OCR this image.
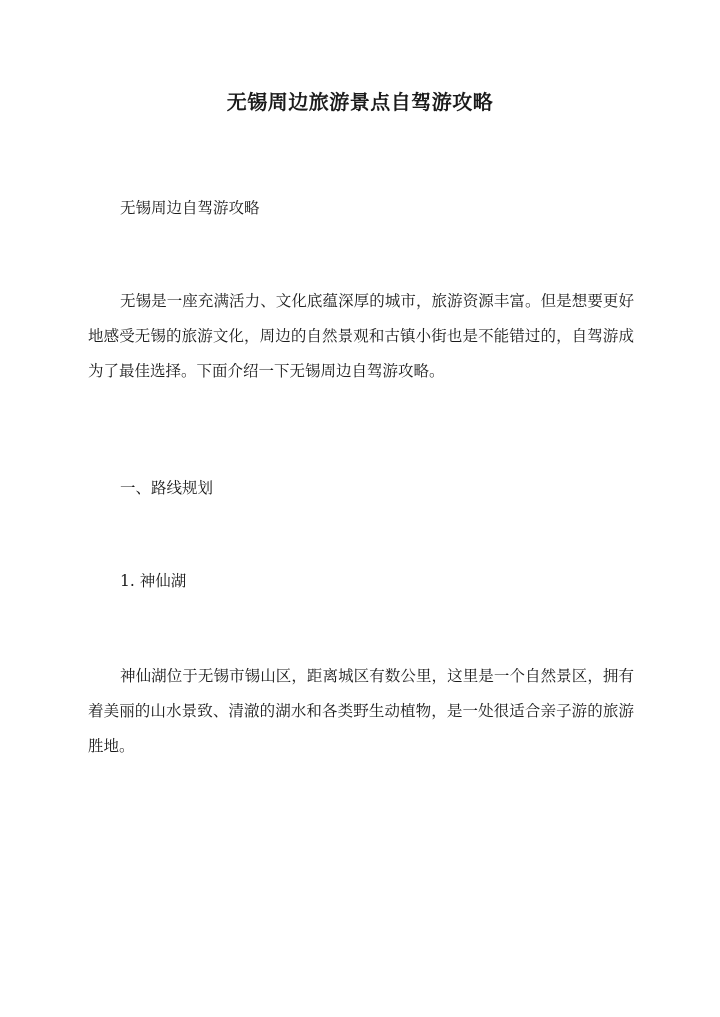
无锡周边旅游景点自驾游攻略

无锡周边自驾游攻略

无锡是一座充满活力、文化底蕴深厚的城市，旅游资源丰富。但是想要更好地感受无锡的旅游文化，周边的自然景观和古镇小街也是不能错过的，自驾游成为了最佳选择。下面介绍一下无锡周边自驾游攻略。

一、路线规划

1. 神仙湖

神仙湖位于无锡市锡山区，距离城区有数公里，这里是一个自然景区，拥有着美丽的山水景致、清澈的湖水和各类野生动植物，是一处很适合亲子游的旅游胜地。
